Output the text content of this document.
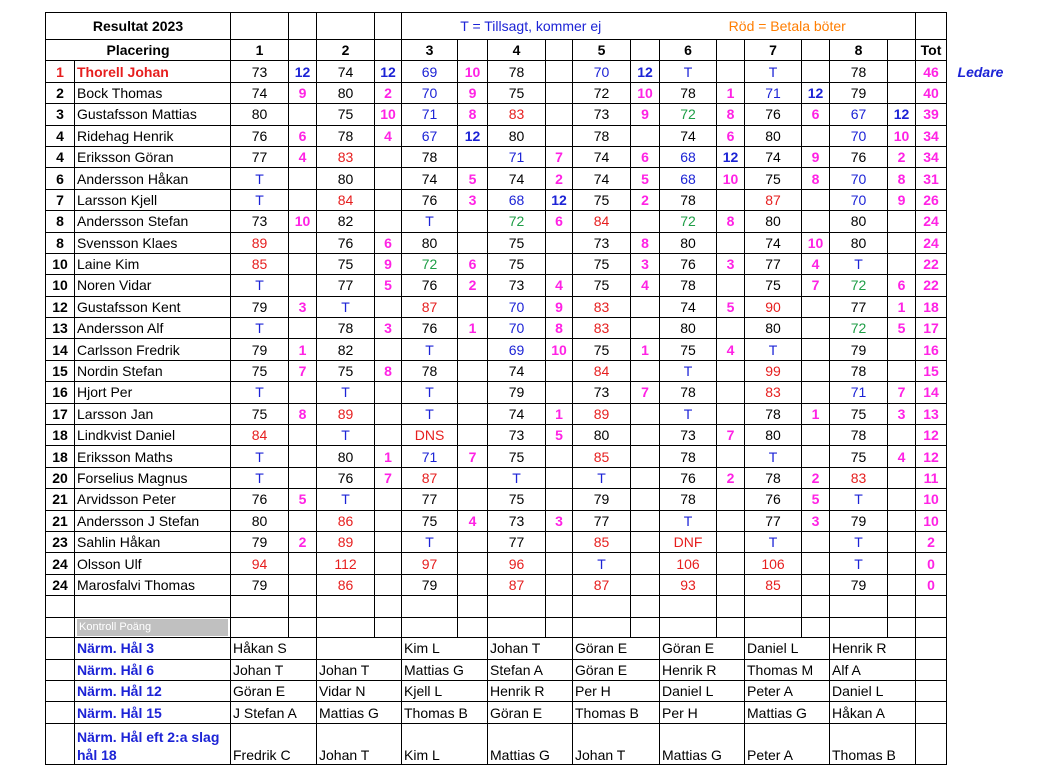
Resultat 2023						T = Tillsagt, kommer ej						Röd = Betala böter							
Placering		1		2		3		4		5		6		7		8		Tot	
1	Thorell Johan	73	12	74	12	69	10	78		70	12	T		T		78		46	Ledare
2	Bock Thomas	74	9	80	2	70	9	75		72	10	78	1	71	12	79		40	
3	Gustafsson Mattias	80		75	10	71	8	83		73	9	72	8	76	6	67	12	39	
4	Ridehag Henrik	76	6	78	4	67	12	80		78		74	6	80		70	10	34	
4	Eriksson Göran	77	4	83		78		71	7	74	6	68	12	74	9	76	2	34	
6	Andersson Håkan	T		80		74	5	74	2	74	5	68	10	75	8	70	8	31	
7	Larsson Kjell	T		84		76	3	68	12	75	2	78		87		70	9	26	
8	Andersson Stefan	73	10	82		T		72	6	84		72	8	80		80		24	
8	Svensson Klaes	89		76	6	80		75		73	8	80		74	10	80		24	
10	Laine Kim	85		75	9	72	6	75		75	3	76	3	77	4	T		22	
10	Noren Vidar	T		77	5	76	2	73	4	75	4	78		75	7	72	6	22	
12	Gustafsson Kent	79	3	T		87		70	9	83		74	5	90		77	1	18	
13	Andersson Alf	T		78	3	76	1	70	8	83		80		80		72	5	17	
14	Carlsson Fredrik	79	1	82		T		69	10	75	1	75	4	T		79		16	
15	Nordin Stefan	75	7	75	8	78		74		84		T		99		78		15	
16	Hjort Per	T		T		T		79		73	7	78		83		71	7	14	
17	Larsson Jan	75	8	89		T		74	1	89		T		78	1	75	3	13	
18	Lindkvist Daniel	84		T		DNS		73	5	80		73	7	80		78		12	
18	Eriksson Maths	T		80	1	71	7	75		85		78		T		75	4	12	
20	Forselius Magnus	T		76	7	87		T		T		76	2	78	2	83		11	
21	Arvidsson Peter	76	5	T		77		75		79		78		76	5	T		10	
21	Andersson J Stefan	80		86		75	4	73	3	77		T		77	3	79		10	
23	Sahlin Håkan	79	2	89		T		77		85		DNF		T		T		2	
24	Olsson Ulf	94		112		97		96		T		106		106		T		0	
24	Marosfalvi Thomas	79		86		79		87		87		93		85		79		0	

	Kontroll Poäng																		

	Närm. Hål 3	Håkan S				Kim L		Johan T		Göran E		Göran E		Daniel L		Henrik R			
	Närm. Hål 6	Johan T		Johan T		Mattias G		Stefan A		Göran E		Henrik R		Thomas M		Alf A			
	Närm. Hål 12	Göran E		Vidar N		Kjell L		Henrik R		Per H		Daniel L		Peter A		Daniel L			
	Närm. Hål 15	J Stefan A		Mattias G		Thomas B		Göran E		Thomas B		Per H		Mattias G		Håkan A			
	Närm. Hål eft 2:a slag hål 18	Fredrik C		Johan T		Kim L		Mattias G		Johan T		Mattias G		Peter A		Thomas B			
